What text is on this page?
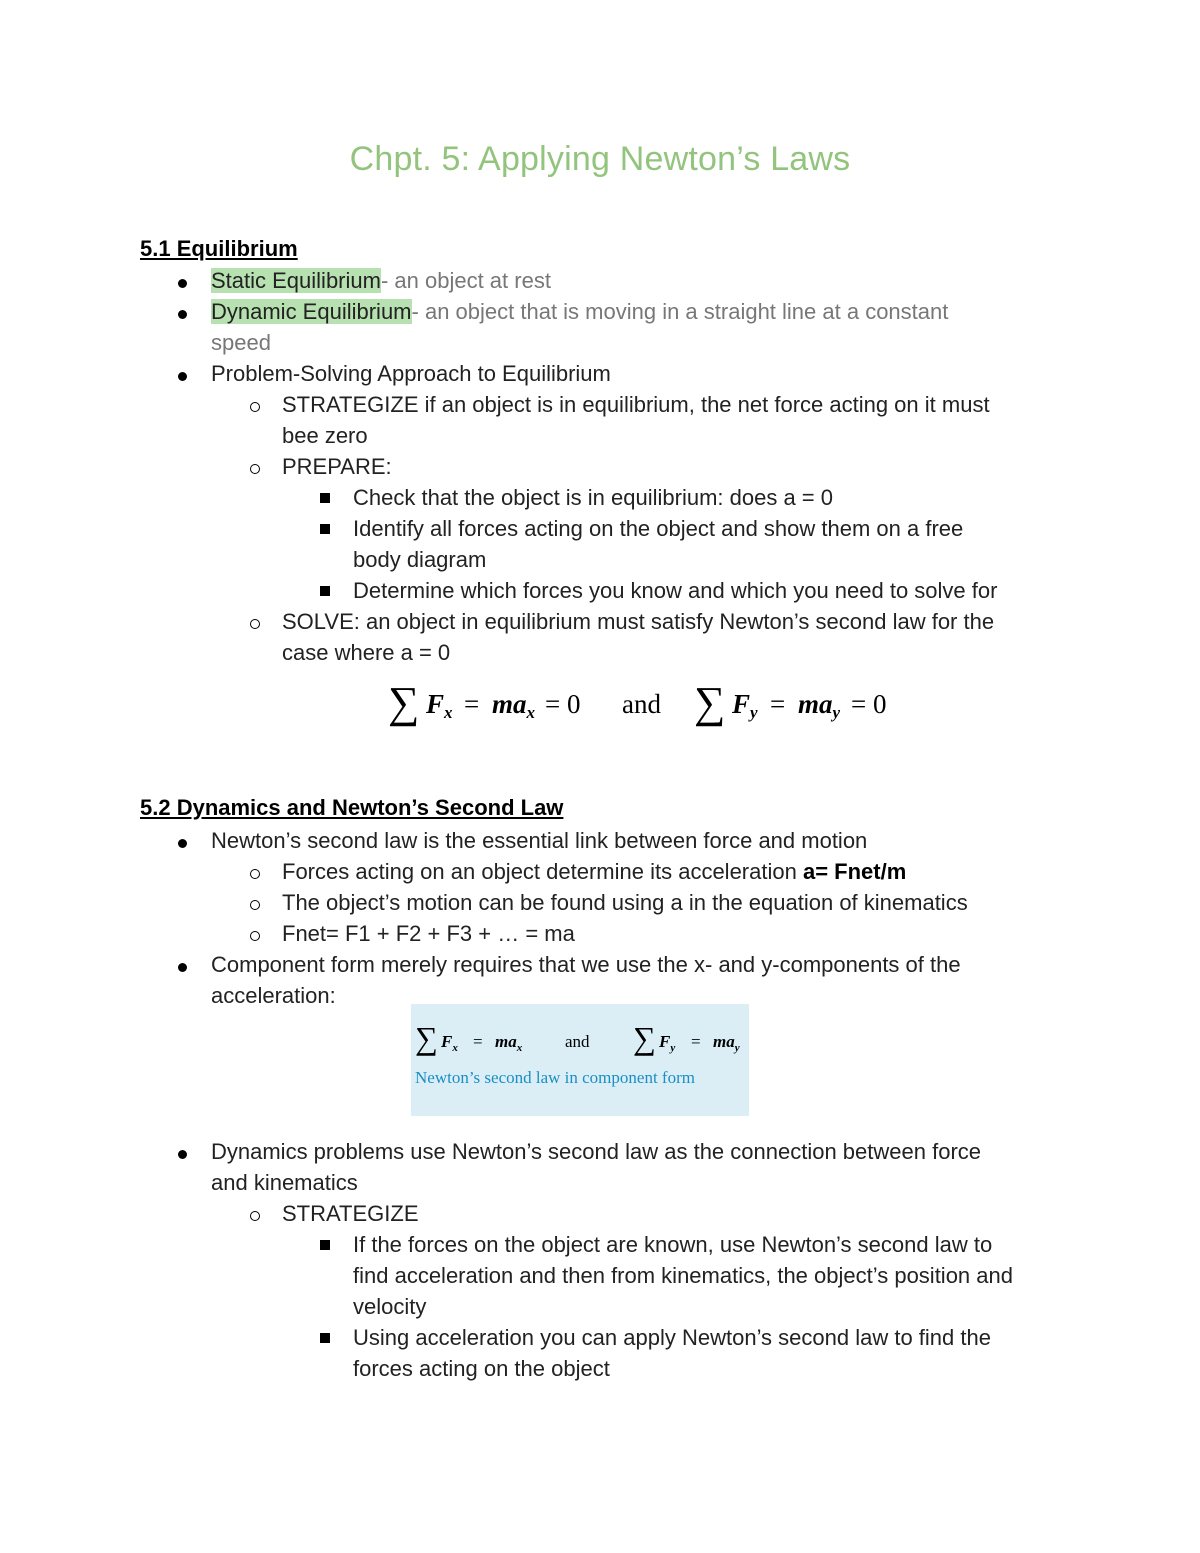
Chpt. 5: Applying Newton’s Laws
5.1 Equilibrium
Static Equilibrium- an object at rest
Dynamic Equilibrium- an object that is moving in a straight line at a constant
speed
Problem-Solving Approach to Equilibrium
STRATEGIZE if an object is in equilibrium, the net force acting on it must
bee zero
PREPARE:
Check that the object is in equilibrium: does a = 0
Identify all forces acting on the object and show them on a free
body diagram
Determine which forces you know and which you need to solve for
SOLVE: an object in equilibrium must satisfy Newton’s second law for the
case where a = 0
∑ $F_x = ma_x = 0$ and ∑ $F_y = ma_y = 0$
5.2 Dynamics and Newton’s Second Law
Newton’s second law is the essential link between force and motion
Forces acting on an object determine its acceleration a= Fnet/m
The object’s motion can be found using a in the equation of kinematics
Fnet= F1 + F2 + F3 + … = ma
Component form merely requires that we use the x- and y-components of the
acceleration:
∑ $F_x = ma_x$	and ∑ $F_y = ma_y$
Newton’s second law in component form
Dynamics problems use Newton’s second law as the connection between force
and kinematics
STRATEGIZE
If the forces on the object are known, use Newton’s second law to
find acceleration and then from kinematics, the object’s position and
velocity
Using acceleration you can apply Newton’s second law to find the
forces acting on the object
